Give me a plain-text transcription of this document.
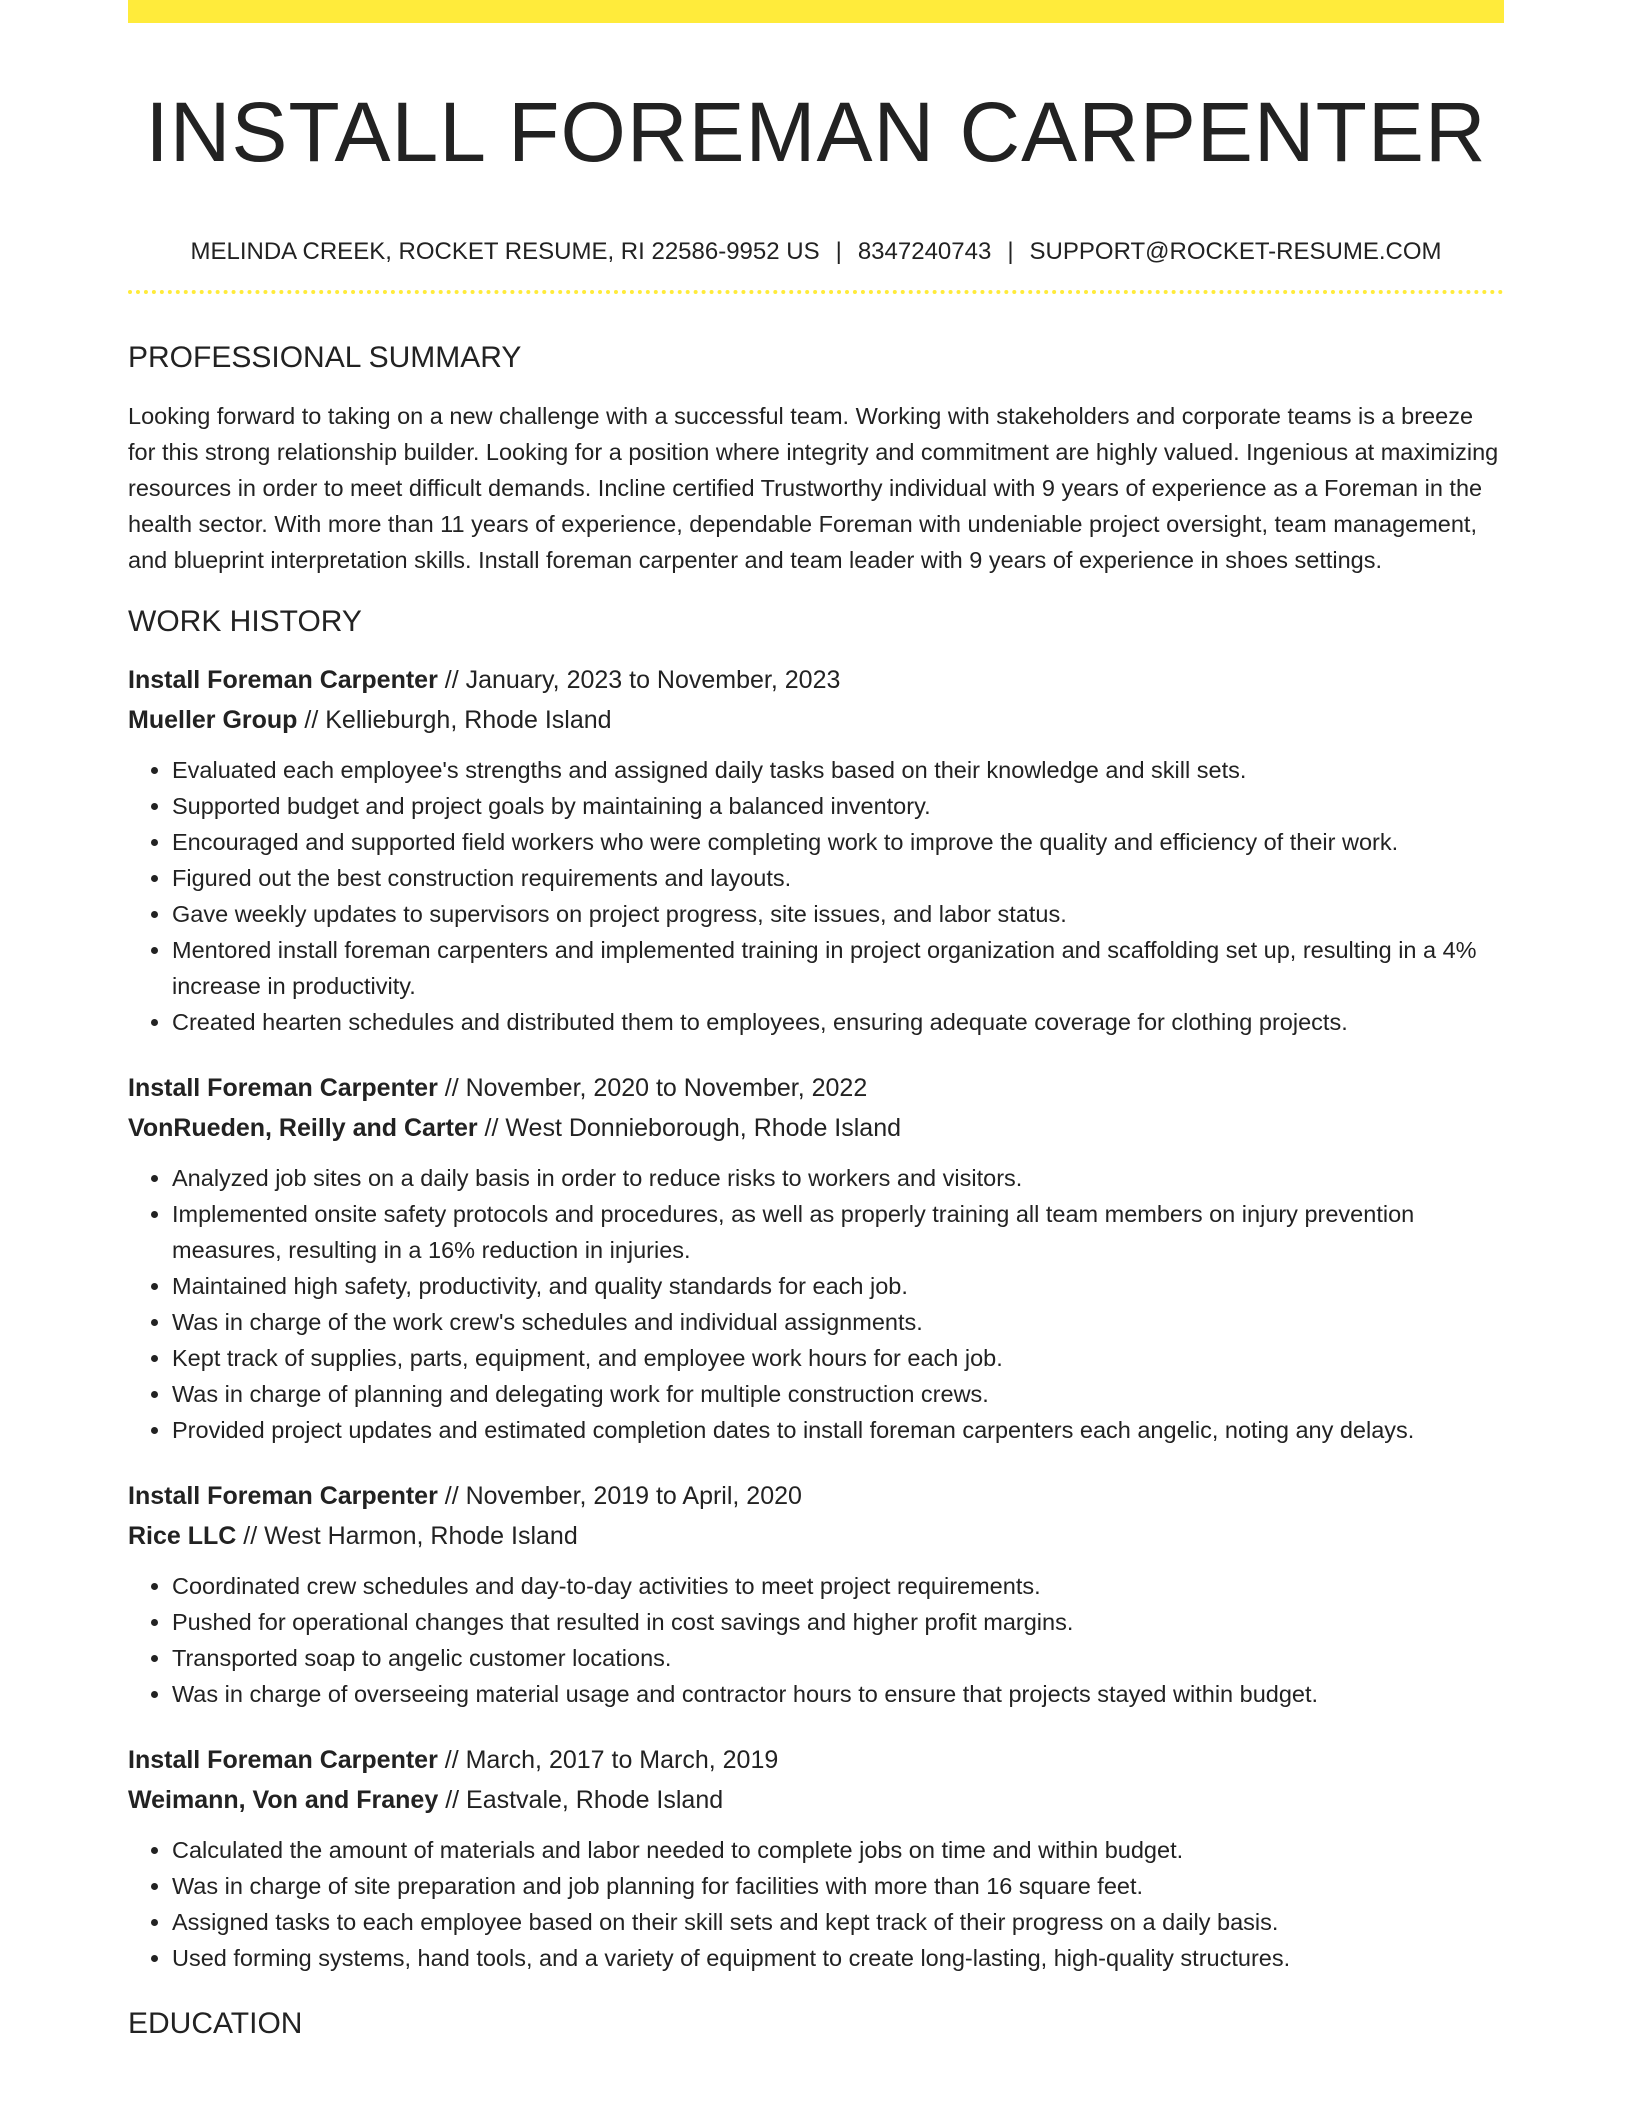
INSTALL FOREMAN CARPENTER
MELINDA CREEK, ROCKET RESUME, RI 22586-9952 US | 8347240743 | SUPPORT@ROCKET-RESUME.COM
PROFESSIONAL SUMMARY

Looking forward to taking on a new challenge with a successful team. Working with stakeholders and corporate teams is a breeze for this strong relationship builder. Looking for a position where integrity and commitment are highly valued. Ingenious at maximizing resources in order to meet difficult demands. Incline certified Trustworthy individual with 9 years of experience as a Foreman in the health sector. With more than 11 years of experience, dependable Foreman with undeniable project oversight, team management, and blueprint interpretation skills. Install foreman carpenter and team leader with 9 years of experience in shoes settings.

WORK HISTORY
Install Foreman Carpenter // January, 2023 to November, 2023
Mueller Group // Kellieburgh, Rhode Island
• Evaluated each employee's strengths and assigned daily tasks based on their knowledge and skill sets.
• Supported budget and project goals by maintaining a balanced inventory.
• Encouraged and supported field workers who were completing work to improve the quality and efficiency of their work.
• Figured out the best construction requirements and layouts.
• Gave weekly updates to supervisors on project progress, site issues, and labor status.
• Mentored install foreman carpenters and implemented training in project organization and scaffolding set up, resulting in a 4% increase in productivity.
• Created hearten schedules and distributed them to employees, ensuring adequate coverage for clothing projects.
Install Foreman Carpenter // November, 2020 to November, 2022
VonRueden, Reilly and Carter // West Donnieborough, Rhode Island
• Analyzed job sites on a daily basis in order to reduce risks to workers and visitors.
• Implemented onsite safety protocols and procedures, as well as properly training all team members on injury prevention measures, resulting in a 16% reduction in injuries.
• Maintained high safety, productivity, and quality standards for each job.
• Was in charge of the work crew's schedules and individual assignments.
• Kept track of supplies, parts, equipment, and employee work hours for each job.
• Was in charge of planning and delegating work for multiple construction crews.
• Provided project updates and estimated completion dates to install foreman carpenters each angelic, noting any delays.
Install Foreman Carpenter // November, 2019 to April, 2020
Rice LLC // West Harmon, Rhode Island
• Coordinated crew schedules and day-to-day activities to meet project requirements.
• Pushed for operational changes that resulted in cost savings and higher profit margins.
• Transported soap to angelic customer locations.
• Was in charge of overseeing material usage and contractor hours to ensure that projects stayed within budget.
Install Foreman Carpenter // March, 2017 to March, 2019
Weimann, Von and Franey // Eastvale, Rhode Island
• Calculated the amount of materials and labor needed to complete jobs on time and within budget.
• Was in charge of site preparation and job planning for facilities with more than 16 square feet.
• Assigned tasks to each employee based on their skill sets and kept track of their progress on a daily basis.
• Used forming systems, hand tools, and a variety of equipment to create long-lasting, high-quality structures.
EDUCATION
